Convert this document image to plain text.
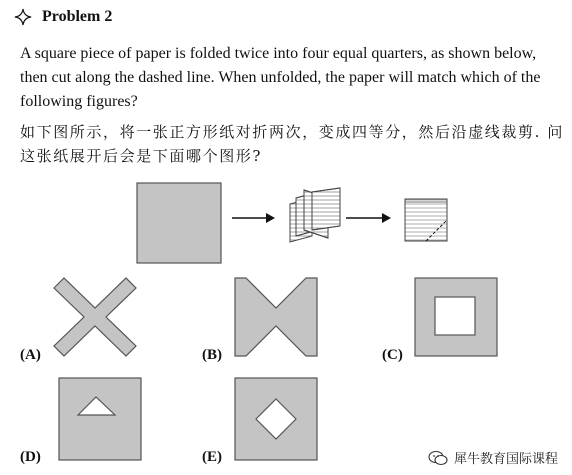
Problem 2
A square piece of paper is folded twice into four equal quarters, as shown below, then cut along the dashed line. When unfolded, the paper will match which of the following figures?
如下图所示，将一张正方形纸对折两次，变成四等分，然后沿虚线裁剪. 问这张纸展开后会是下面哪个图形?
(A)	(B)	(C)
(D)	(E)	犀牛教育国际课程
